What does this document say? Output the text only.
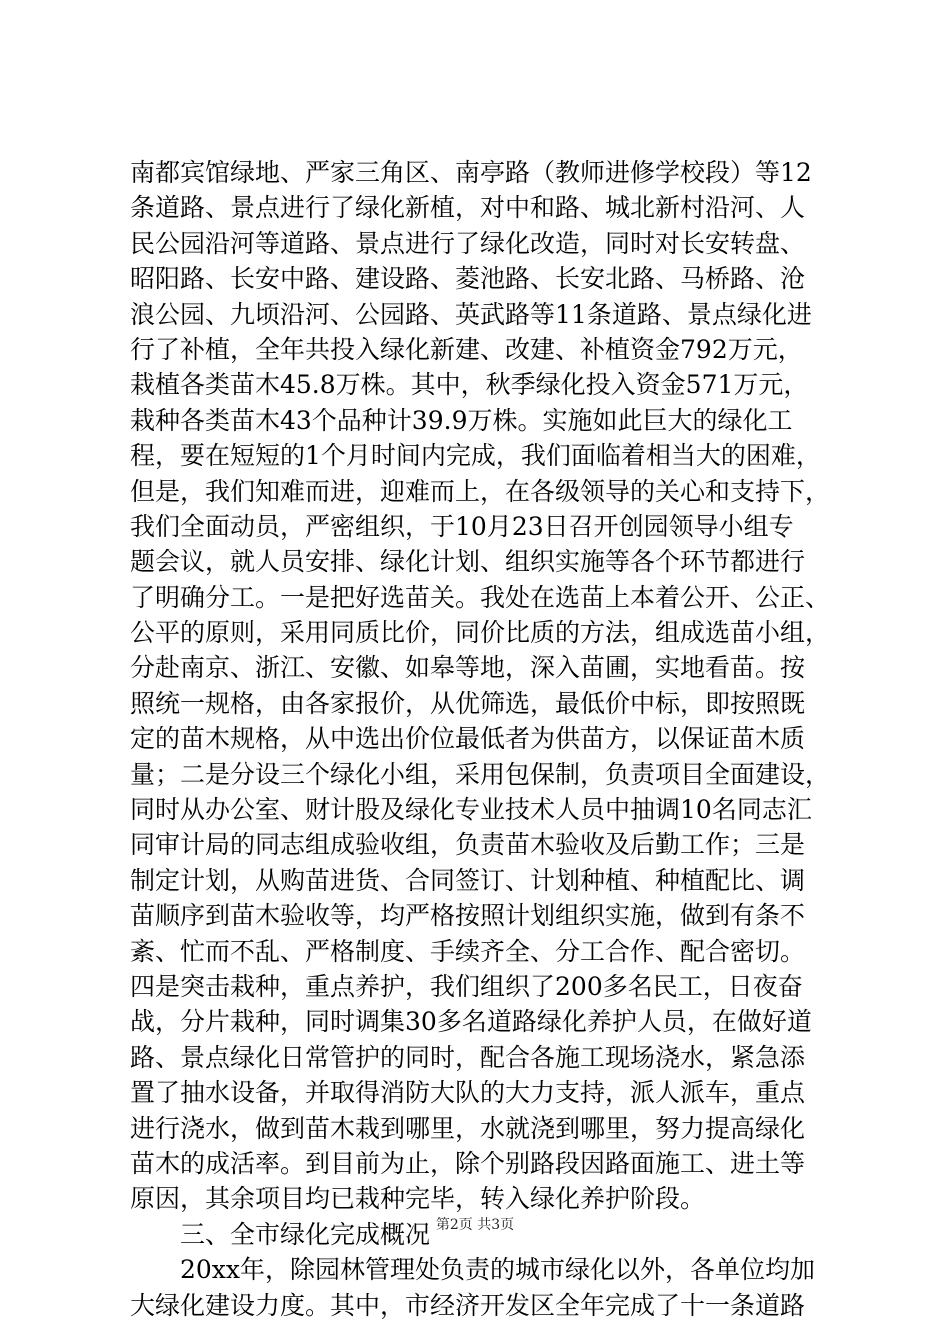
南都宾馆绿地、严家三角区、南亭路（教师进修学校段）等12
条道路、景点进行了绿化新植，对中和路、城北新村沿河、人
民公园沿河等道路、景点进行了绿化改造，同时对长安转盘、
昭阳路、长安中路、建设路、菱池路、长安北路、马桥路、沧
浪公园、九顷沿河、公园路、英武路等11条道路、景点绿化进
行了补植，全年共投入绿化新建、改建、补植资金792万元，
栽植各类苗木45.8万株。其中，秋季绿化投入资金571万元，
栽种各类苗木43个品种计39.9万株。实施如此巨大的绿化工
程，要在短短的1个月时间内完成，我们面临着相当大的困难，
但是，我们知难而进，迎难而上，在各级领导的关心和支持下，
我们全面动员，严密组织，于10月23日召开创园领导小组专
题会议，就人员安排、绿化计划、组织实施等各个环节都进行
了明确分工。一是把好选苗关。我处在选苗上本着公开、公正、
公平的原则，采用同质比价，同价比质的方法，组成选苗小组，
分赴南京、浙江、安徽、如皋等地，深入苗圃，实地看苗。按
照统一规格，由各家报价，从优筛选，最低价中标，即按照既
定的苗木规格，从中选出价位最低者为供苗方，以保证苗木质
量；二是分设三个绿化小组，采用包保制，负责项目全面建设，
同时从办公室、财计股及绿化专业技术人员中抽调10名同志汇
同审计局的同志组成验收组，负责苗木验收及后勤工作；三是
制定计划，从购苗进货、合同签订、计划种植、种植配比、调
苗顺序到苗木验收等，均严格按照计划组织实施，做到有条不
紊、忙而不乱、严格制度、手续齐全、分工合作、配合密切。
四是突击栽种，重点养护，我们组织了200多名民工，日夜奋
战，分片栽种，同时调集30多名道路绿化养护人员，在做好道
路、景点绿化日常管护的同时，配合各施工现场浇水，紧急添
置了抽水设备，并取得消防大队的大力支持，派人派车，重点
进行浇水，做到苗木栽到哪里，水就浇到哪里，努力提高绿化
苗木的成活率。到目前为止，除个别路段因路面施工、进土等
原因，其余项目均已栽种完毕，转入绿化养护阶段。
　　三、全市绿化完成概况
　　20xx年，除园林管理处负责的城市绿化以外，各单位均加
大绿化建设力度。其中，市经济开发区全年完成了十一条道路
第2页 共3页
